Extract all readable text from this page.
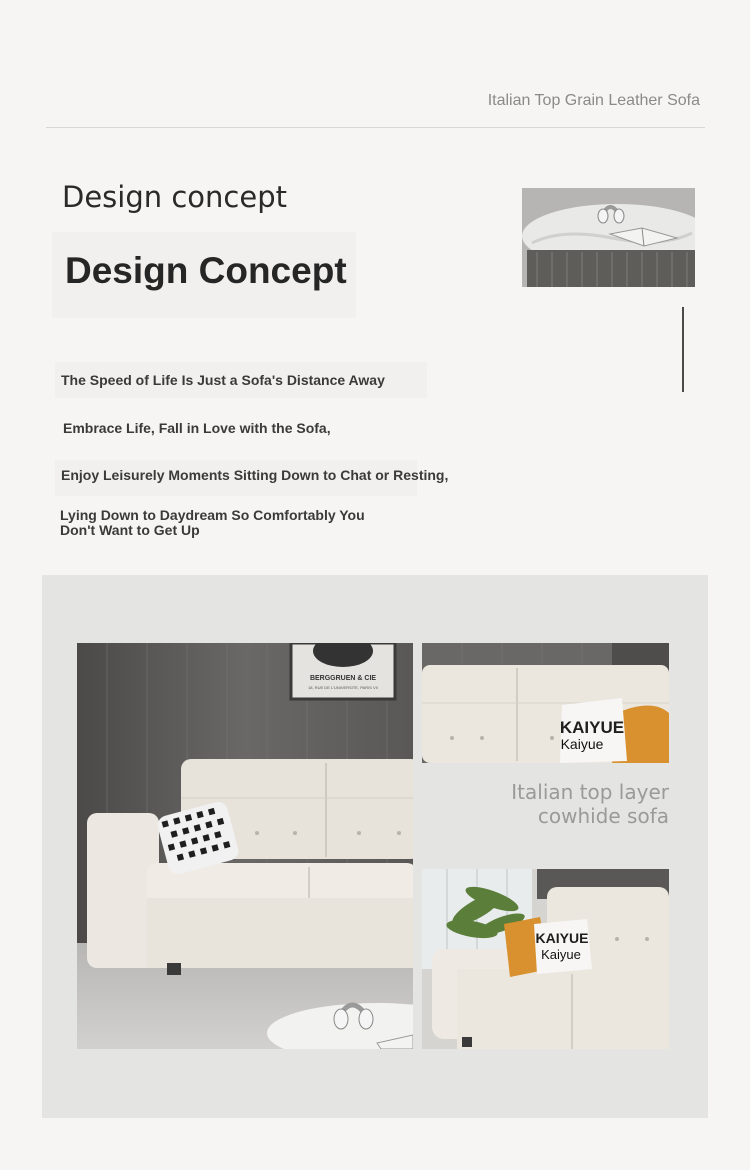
Italian Top Grain Leather Sofa
Design concept
Design Concept
The Speed of Life Is Just a Sofa's Distance Away
Embrace Life, Fall in Love with the Sofa,
Enjoy Leisurely Moments Sitting Down to Chat or Resting,
Lying Down to Daydream So Comfortably You
Don't Want to Get Up
BERGGRUEN & CIE
18, RUE DE L'UNIVERSITE, PARIS VII
KAIYUE
Kaiyue
Italian top layer
cowhide sofa
KAIYUE
Kaiyue
